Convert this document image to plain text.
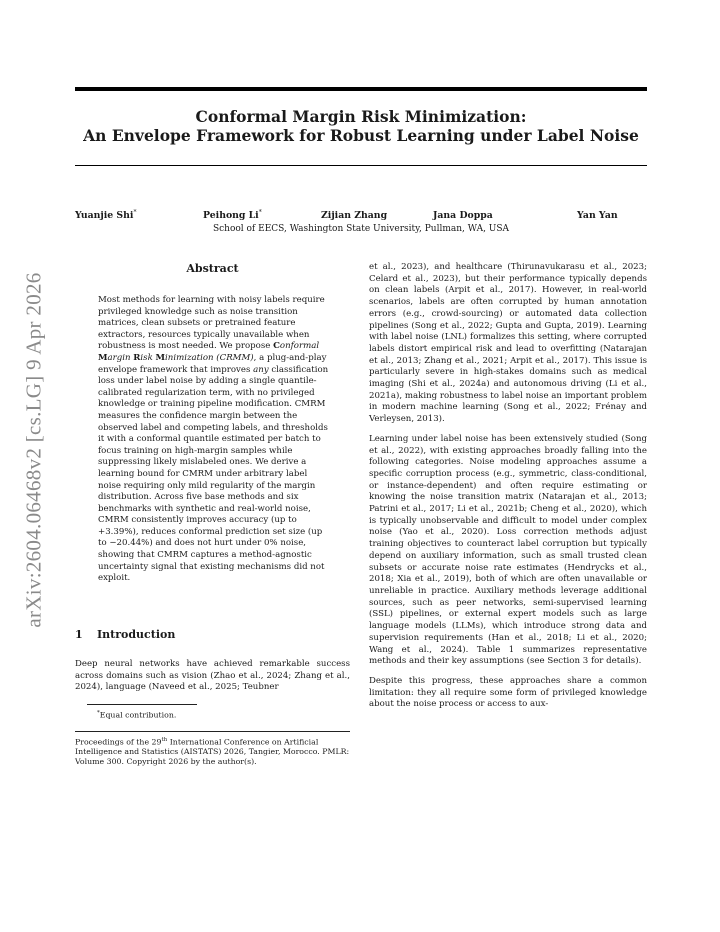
arXiv:2604.06468v2 [cs.LG] 9 Apr 2026
Conformal Margin Risk Minimization:
An Envelope Framework for Robust Learning under Label Noise
Yuanjie Shi*	Peihong Li*	Zijian Zhang	Jana Doppa	Yan Yan
School of EECS, Washington State University, Pullman, WA, USA
Abstract
Most methods for learning with noisy labels require privileged knowledge such as noise transition matrices, clean subsets or pretrained feature extractors, resources typically unavailable when robustness is most needed. We propose Conformal Margin Risk Minimization (CRMM), a plug-and-play envelope framework that improves any classification loss under label noise by adding a single quantile-calibrated regularization term, with no privileged knowledge or training pipeline modification. CMRM measures the confidence margin between the observed label and competing labels, and thresholds it with a conformal quantile estimated per batch to focus training on high-margin samples while suppressing likely mislabeled ones. We derive a learning bound for CMRM under arbitrary label noise requiring only mild regularity of the margin distribution. Across five base methods and six benchmarks with synthetic and real-world noise, CMRM consistently improves accuracy (up to +3.39%), reduces conformal prediction set size (up to −20.44%) and does not hurt under 0% noise, showing that CMRM captures a method-agnostic uncertainty signal that existing mechanisms did not exploit.
1 Introduction

Deep neural networks have achieved remarkable success across domains such as vision (Zhao et al., 2024; Zhang et al., 2024), language (Naveed et al., 2025; Teubner

*Equal contribution.
Proceedings of the 29th International Conference on Artificial Intelligence and Statistics (AISTATS) 2026, Tangier, Morocco. PMLR: Volume 300. Copyright 2026 by the author(s).

et al., 2023), and healthcare (Thirunavukarasu et al., 2023; Celard et al., 2023), but their performance typically depends on clean labels (Arpit et al., 2017). However, in real-world scenarios, labels are often corrupted by human annotation errors (e.g., crowd-sourcing) or automated data collection pipelines (Song et al., 2022; Gupta and Gupta, 2019). Learning with label noise (LNL) formalizes this setting, where corrupted labels distort empirical risk and lead to overfitting (Natarajan et al., 2013; Zhang et al., 2021; Arpit et al., 2017). This issue is particularly severe in high-stakes domains such as medical imaging (Shi et al., 2024a) and autonomous driving (Li et al., 2021a), making robustness to label noise an important problem in modern machine learning (Song et al., 2022; Frénay and Verleysen, 2013).

Learning under label noise has been extensively studied (Song et al., 2022), with existing approaches broadly falling into the following categories. Noise modeling approaches assume a specific corruption process (e.g., symmetric, class-conditional, or instance-dependent) and often require estimating or knowing the noise transition matrix (Natarajan et al., 2013; Patrini et al., 2017; Li et al., 2021b; Cheng et al., 2020), which is typically unobservable and difficult to model under complex noise (Yao et al., 2020). Loss correction methods adjust training objectives to counteract label corruption but typically depend on auxiliary information, such as small trusted clean subsets or accurate noise rate estimates (Hendrycks et al., 2018; Xia et al., 2019), both of which are often unavailable or unreliable in practice. Auxiliary methods leverage additional sources, such as peer networks, semi-supervised learning (SSL) pipelines, or external expert models such as large language models (LLMs), which introduce strong data and supervision requirements (Han et al., 2018; Li et al., 2020; Wang et al., 2024). Table 1 summarizes representative methods and their key assumptions (see Section 3 for details).

Despite this progress, these approaches share a common limitation: they all require some form of privileged knowledge about the noise process or access to aux-
